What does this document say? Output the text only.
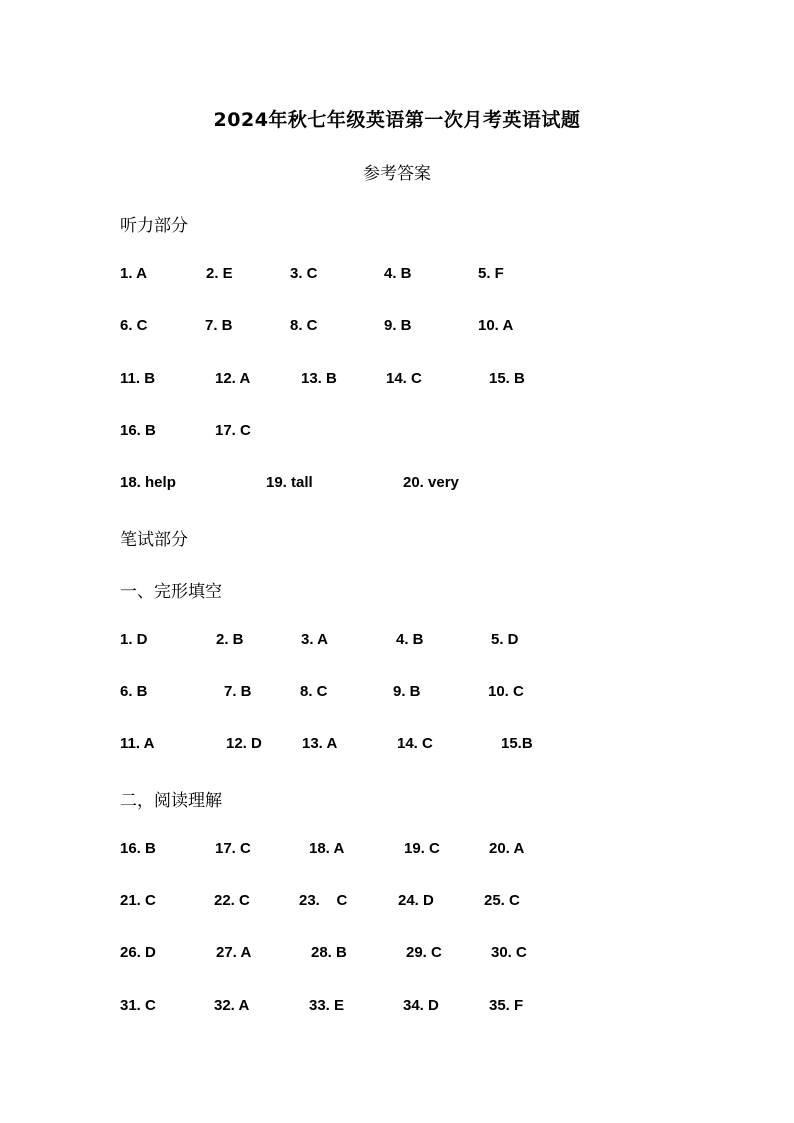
2024年秋七年级英语第一次月考英语试题
参考答案
听力部分
1. A	2. E	3. C	4. B	5. F
6. C	7. B	8. C	9. B	10. A
11. B	12. A	13. B	14. C	15. B
16. B	17. C
18. help	19. tall	20. very
笔试部分
一、完形填空
1. D	2. B	3. A	4. B	5. D
6. B	7. B	8. C	9. B	10. C
11. A	12. D	13. A	14. C	15.B
二，阅读理解
16. B	17. C	18. A	19. C	20. A
21. C	22. C	23.    C	24. D	25. C
26. D	27. A	28. B	29. C	30. C
31. C	32. A	33. E	34. D	35. F
